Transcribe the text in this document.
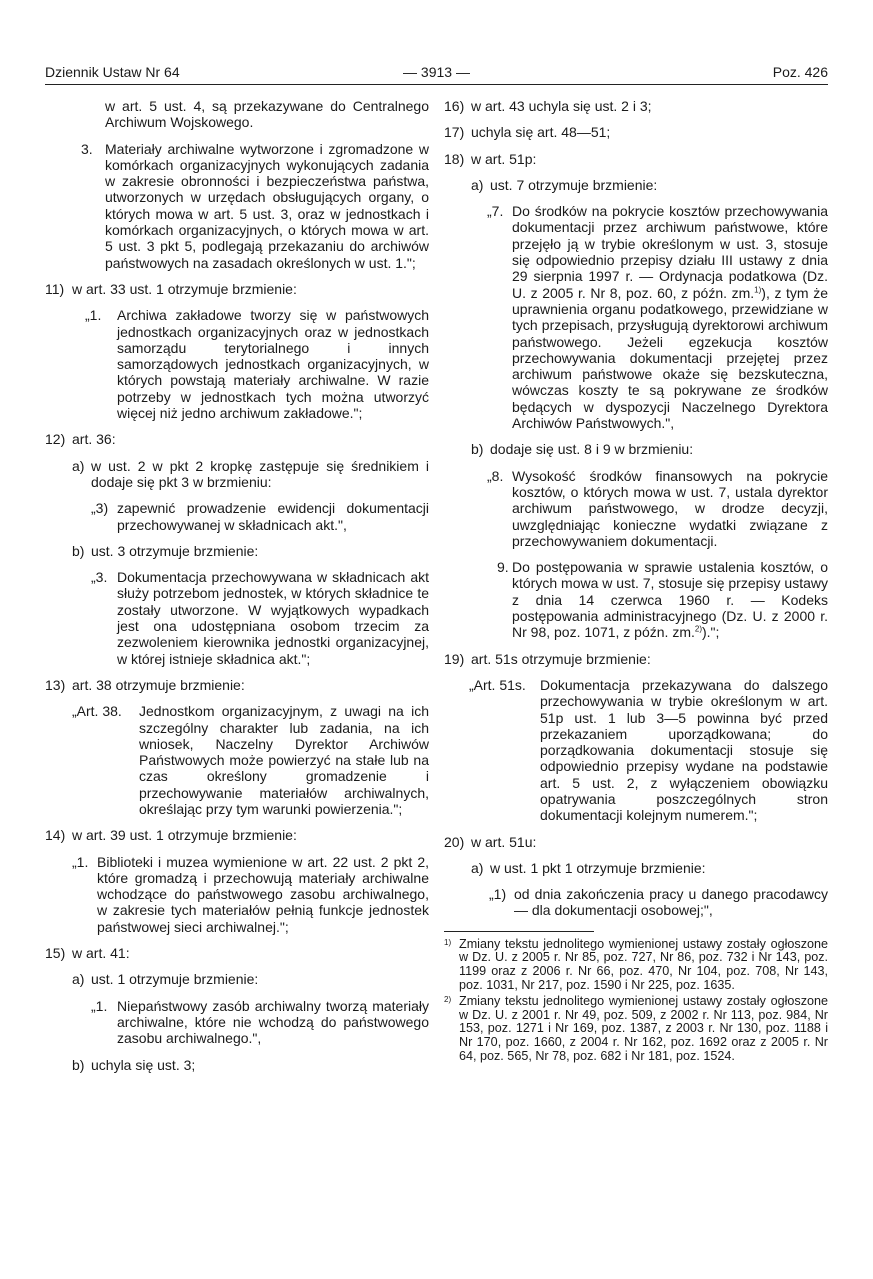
Dziennik Ustaw Nr 64	— 3913 —	Poz. 426
w art. 5 ust. 4, są przekazywane do Centralnego Archiwum Wojskowego.
3. Materiały archiwalne wytworzone i zgromadzone w komórkach organizacyjnych wykonujących zadania w zakresie obronności i bezpieczeństwa państwa, utworzonych w urzędach obsługujących organy, o których mowa w art. 5 ust. 3, oraz w jednostkach i komórkach organizacyjnych, o których mowa w art. 5 ust. 3 pkt 5, podlegają przekazaniu do archiwów państwowych na zasadach określonych w ust. 1.";
11) w art. 33 ust. 1 otrzymuje brzmienie:
„1. Archiwa zakładowe tworzy się w państwowych jednostkach organizacyjnych oraz w jednostkach samorządu terytorialnego i innych samorządowych jednostkach organizacyjnych, w których powstają materiały archiwalne. W razie potrzeby w jednostkach tych można utworzyć więcej niż jedno archiwum zakładowe.";
12) art. 36:
a) w ust. 2 w pkt 2 kropkę zastępuje się średnikiem i dodaje się pkt 3 w brzmieniu:
„3) zapewnić prowadzenie ewidencji dokumentacji przechowywanej w składnicach akt.",
b) ust. 3 otrzymuje brzmienie:
„3. Dokumentacja przechowywana w składnicach akt służy potrzebom jednostek, w których składnice te zostały utworzone. W wyjątkowych wypadkach jest ona udostępniana osobom trzecim za zezwoleniem kierownika jednostki organizacyjnej, w której istnieje składnica akt.";
13) art. 38 otrzymuje brzmienie:
„Art. 38. Jednostkom organizacyjnym, z uwagi na ich szczególny charakter lub zadania, na ich wniosek, Naczelny Dyrektor Archiwów Państwowych może powierzyć na stałe lub na czas określony gromadzenie i przechowywanie materiałów archiwalnych, określając przy tym warunki powierzenia.";
14) w art. 39 ust. 1 otrzymuje brzmienie:
„1. Biblioteki i muzea wymienione w art. 22 ust. 2 pkt 2, które gromadzą i przechowują materiały archiwalne wchodzące do państwowego zasobu archiwalnego, w zakresie tych materiałów pełnią funkcje jednostek państwowej sieci archiwalnej.";
15) w art. 41:
a) ust. 1 otrzymuje brzmienie:
„1. Niepaństwowy zasób archiwalny tworzą materiały archiwalne, które nie wchodzą do państwowego zasobu archiwalnego.",
b) uchyla się ust. 3;
16) w art. 43 uchyla się ust. 2 i 3;
17) uchyla się art. 48—51;
18) w art. 51p:
a) ust. 7 otrzymuje brzmienie:
„7. Do środków na pokrycie kosztów przechowywania dokumentacji przez archiwum państwowe, które przejęło ją w trybie określonym w ust. 3, stosuje się odpowiednio przepisy działu III ustawy z dnia 29 sierpnia 1997 r. — Ordynacja podatkowa (Dz. U. z 2005 r. Nr 8, poz. 60, z późn. zm.$^{1)}$), z tym że uprawnienia organu podatkowego, przewidziane w tych przepisach, przysługują dyrektorowi archiwum państwowego. Jeżeli egzekucja kosztów przechowywania dokumentacji przejętej przez archiwum państwowe okaże się bezskuteczna, wówczas koszty te są pokrywane ze środków będących w dyspozycji Naczelnego Dyrektora Archiwów Państwowych.",
b) dodaje się ust. 8 i 9 w brzmieniu:
„8. Wysokość środków finansowych na pokrycie kosztów, o których mowa w ust. 7, ustala dyrektor archiwum państwowego, w drodze decyzji, uwzględniając konieczne wydatki związane z przechowywaniem dokumentacji.
9. Do postępowania w sprawie ustalenia kosztów, o których mowa w ust. 7, stosuje się przepisy ustawy z dnia 14 czerwca 1960 r. — Kodeks postępowania administracyjnego (Dz. U. z 2000 r. Nr 98, poz. 1071, z późn. zm.$^{2)}$).";
19) art. 51s otrzymuje brzmienie:
„Art. 51s. Dokumentacja przekazywana do dalszego przechowywania w trybie określonym w art. 51p ust. 1 lub 3—5 powinna być przed przekazaniem uporządkowana; do porządkowania dokumentacji stosuje się odpowiednio przepisy wydane na podstawie art. 5 ust. 2, z wyłączeniem obowiązku opatrywania poszczególnych stron dokumentacji kolejnym numerem.";
20) w art. 51u:
a) w ust. 1 pkt 1 otrzymuje brzmienie:
„1) od dnia zakończenia pracy u danego pracodawcy — dla dokumentacji osobowej;",
1) Zmiany tekstu jednolitego wymienionej ustawy zostały ogłoszone w Dz. U. z 2005 r. Nr 85, poz. 727, Nr 86, poz. 732 i Nr 143, poz. 1199 oraz z 2006 r. Nr 66, poz. 470, Nr 104, poz. 708, Nr 143, poz. 1031, Nr 217, poz. 1590 i Nr 225, poz. 1635.
2) Zmiany tekstu jednolitego wymienionej ustawy zostały ogłoszone w Dz. U. z 2001 r. Nr 49, poz. 509, z 2002 r. Nr 113, poz. 984, Nr 153, poz. 1271 i Nr 169, poz. 1387, z 2003 r. Nr 130, poz. 1188 i Nr 170, poz. 1660, z 2004 r. Nr 162, poz. 1692 oraz z 2005 r. Nr 64, poz. 565, Nr 78, poz. 682 i Nr 181, poz. 1524.
